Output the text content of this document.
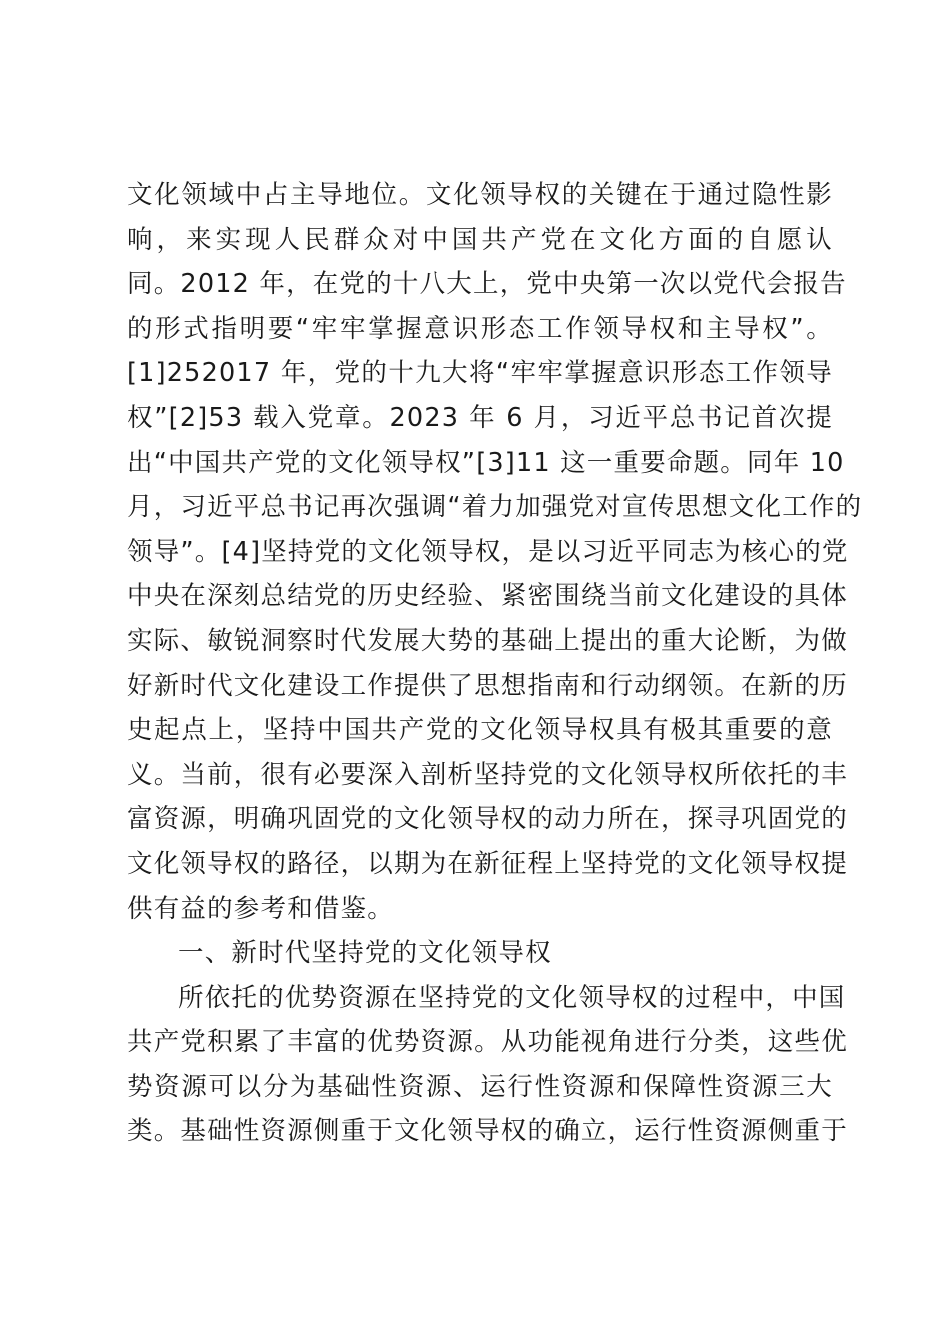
文化领域中占主导地位。文化领导权的关键在于通过隐性影
响，来实现人民群众对中国共产党在文化方面的自愿认
同。2012 年，在党的十八大上，党中央第一次以党代会报告
的形式指明要“牢牢掌握意识形态工作领导权和主导权”。
[1]252017 年，党的十九大将“牢牢掌握意识形态工作领导
权”[2]53 载入党章。2023 年 6 月，习近平总书记首次提
出“中国共产党的文化领导权”[3]11 这一重要命题。同年 10
月，习近平总书记再次强调“着力加强党对宣传思想文化工作的
领导”。[4]坚持党的文化领导权，是以习近平同志为核心的党
中央在深刻总结党的历史经验、紧密围绕当前文化建设的具体
实际、敏锐洞察时代发展大势的基础上提出的重大论断，为做
好新时代文化建设工作提供了思想指南和行动纲领。在新的历
史起点上，坚持中国共产党的文化领导权具有极其重要的意
义。当前，很有必要深入剖析坚持党的文化领导权所依托的丰
富资源，明确巩固党的文化领导权的动力所在，探寻巩固党的
文化领导权的路径，以期为在新征程上坚持党的文化领导权提
供有益的参考和借鉴。
一、新时代坚持党的文化领导权
所依托的优势资源在坚持党的文化领导权的过程中，中国
共产党积累了丰富的优势资源。从功能视角进行分类，这些优
势资源可以分为基础性资源、运行性资源和保障性资源三大
类。基础性资源侧重于文化领导权的确立，运行性资源侧重于
